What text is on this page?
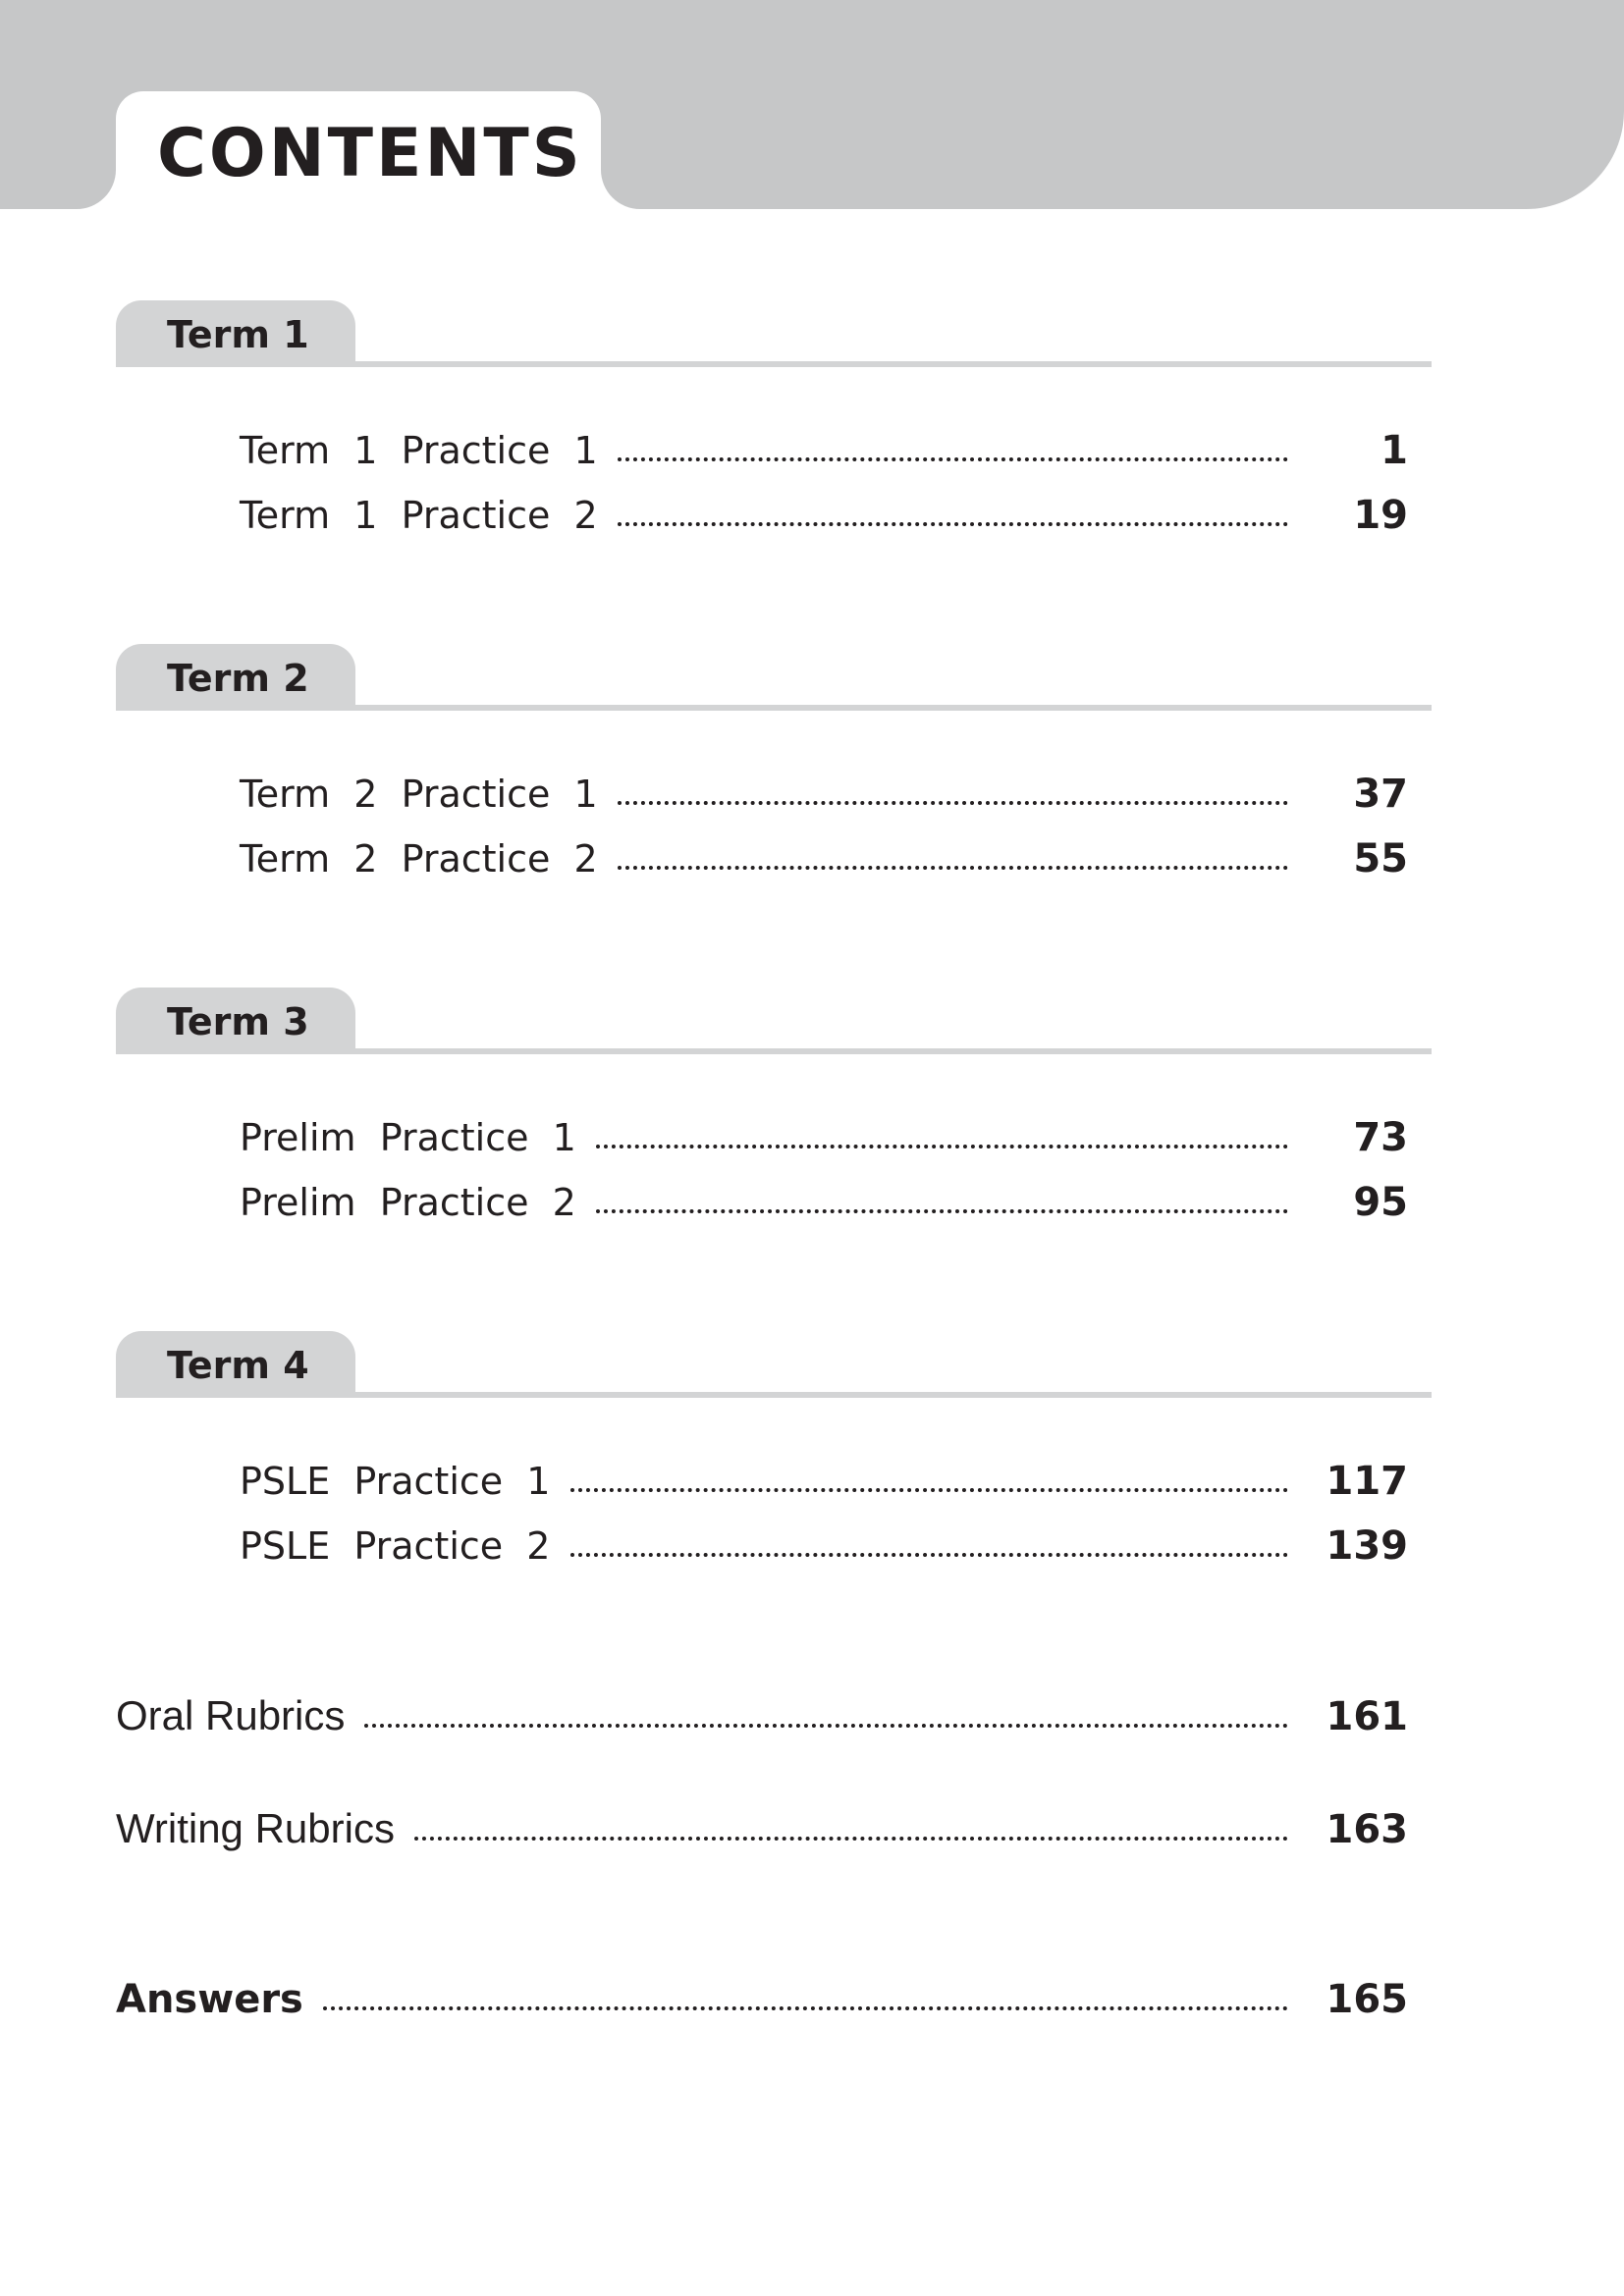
CONTENTS
Term 1
Term  1  Practice  1	1
Term  1  Practice  2	19
Term 2
Term  2  Practice  1	37
Term  2  Practice  2	55
Term 3
Prelim  Practice  1	73
Prelim  Practice  2	95
Term 4
PSLE  Practice  1	117
PSLE  Practice  2	139
Oral Rubrics	161
Writing Rubrics	163
Answers	165
